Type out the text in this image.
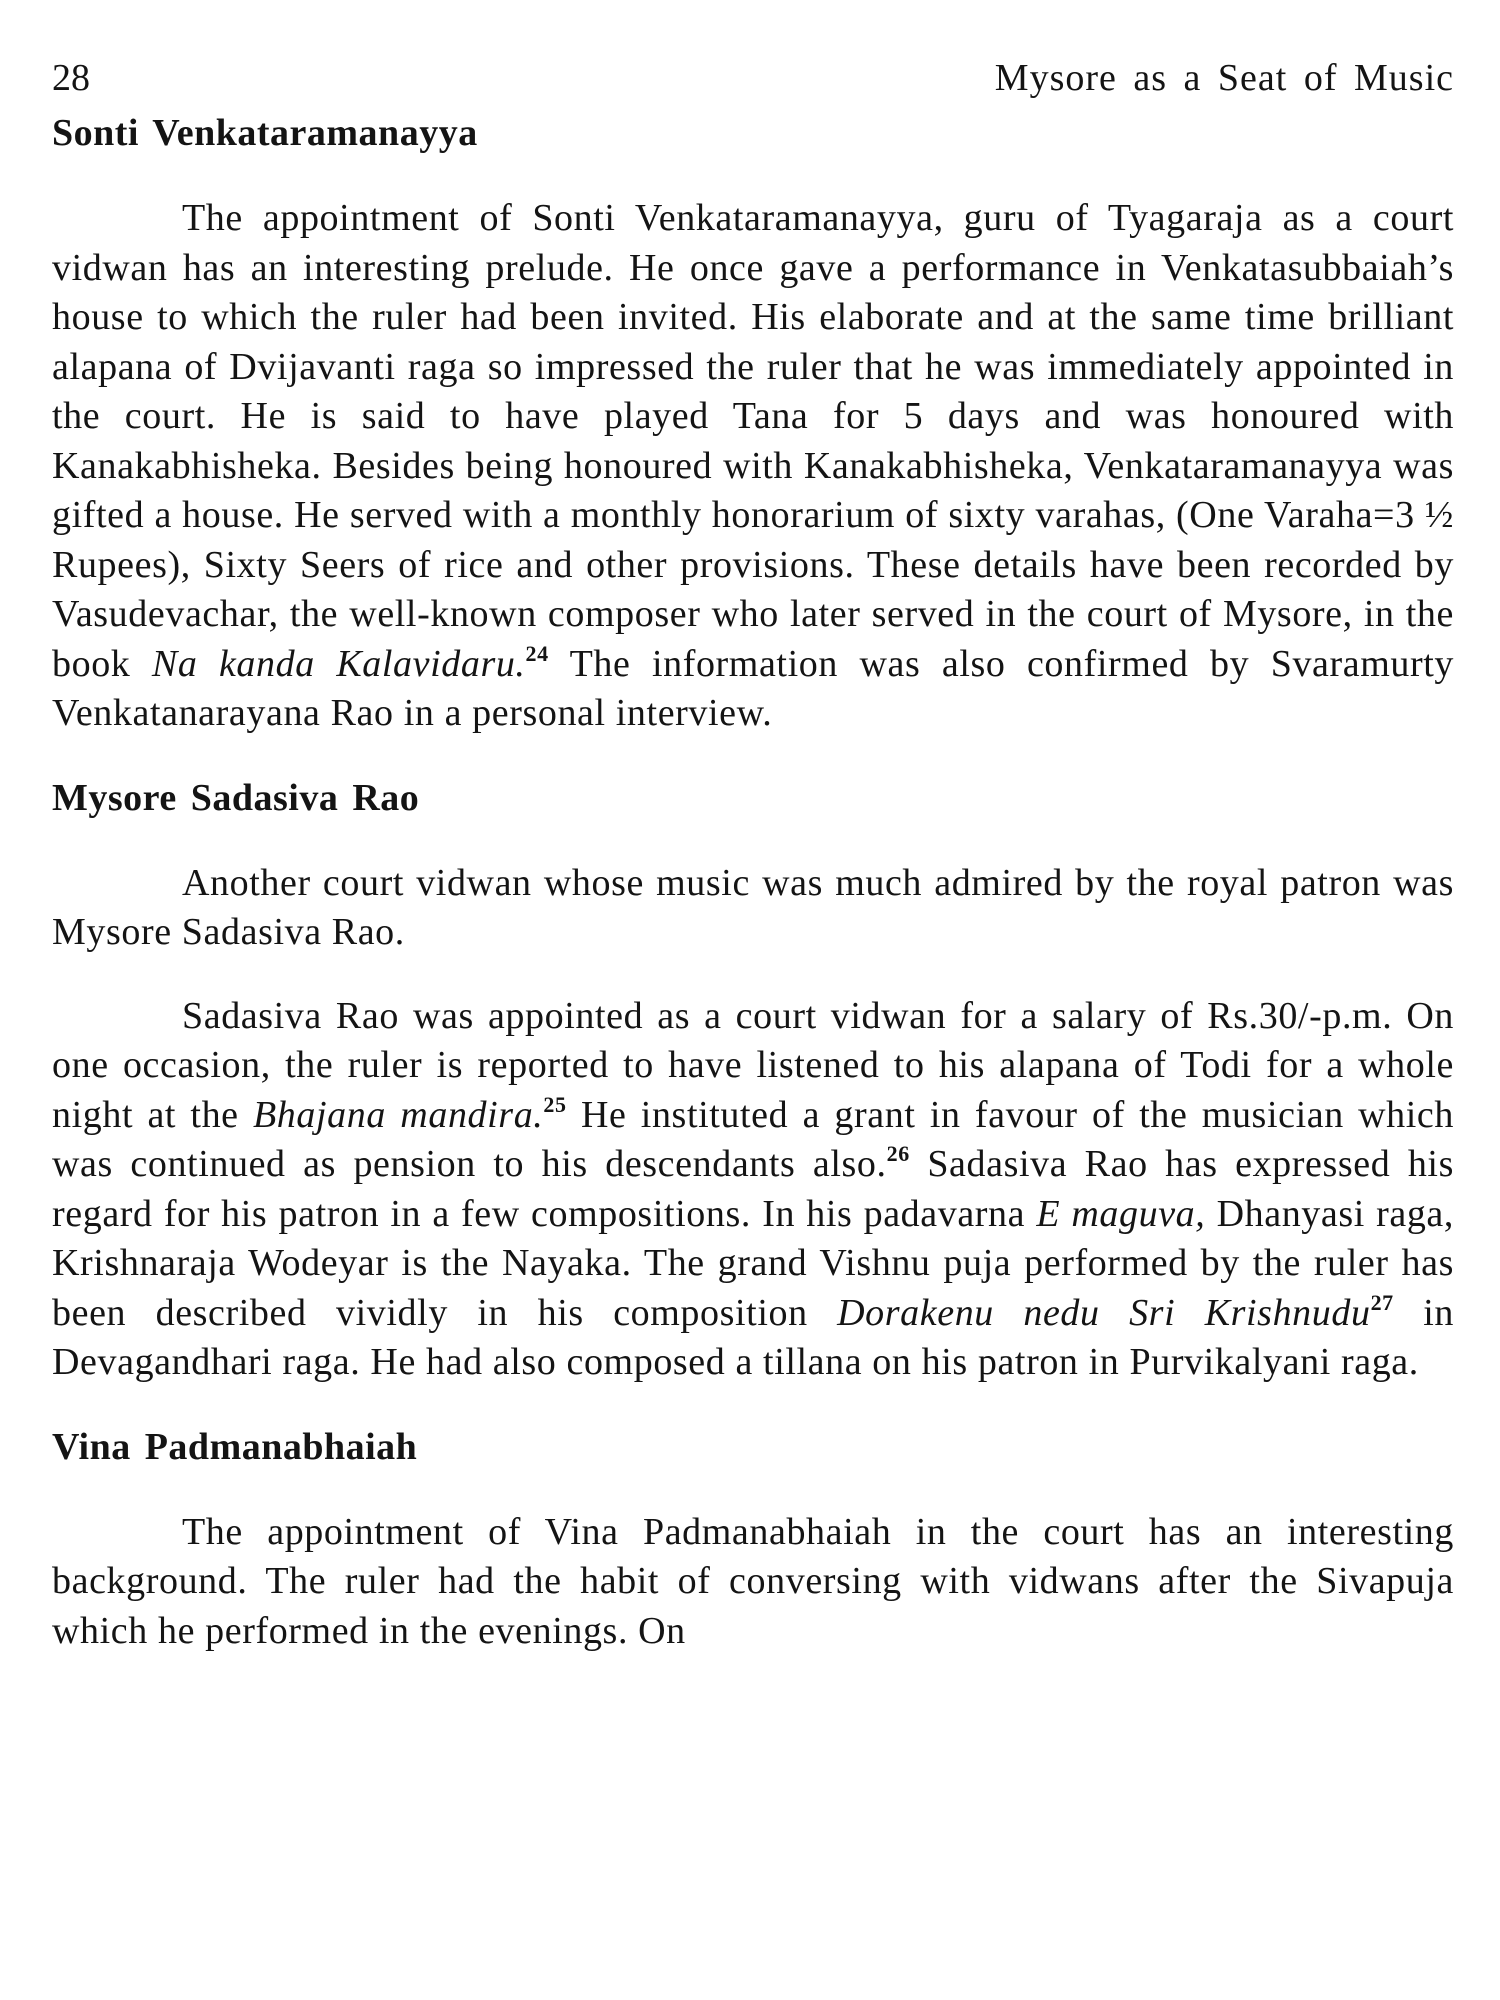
28	Mysore as a Seat of Music
Sonti Venkataramanayya

The appointment of Sonti Venkataramanayya, guru of Tyagaraja as a court vidwan has an interesting prelude. He once gave a performance in Venkatasubbaiah’s house to which the ruler had been invited. His elaborate and at the same time brilliant alapana of Dvijavanti raga so impressed the ruler that he was immediately appointed in the court. He is said to have played Tana for 5 days and was honoured with Kanakabhisheka. Besides being honoured with Kanakabhisheka, Venkataramanayya was gifted a house. He served with a monthly honorarium of sixty varahas, (One Varaha=3 ½ Rupees), Sixty Seers of rice and other provisions. These details have been recorded by Vasudevachar, the well-known composer who later served in the court of Mysore, in the book Na kanda Kalavidaru.$^{24}$ The information was also confirmed by Svaramurty Venkatanarayana Rao in a personal interview.

Mysore Sadasiva Rao

Another court vidwan whose music was much admired by the royal patron was Mysore Sadasiva Rao.

Sadasiva Rao was appointed as a court vidwan for a salary of Rs.30/-p.m. On one occasion, the ruler is reported to have listened to his alapana of Todi for a whole night at the Bhajana mandira.$^{25}$ He instituted a grant in favour of the musician which was continued as pension to his descendants also.$^{26}$ Sadasiva Rao has expressed his regard for his patron in a few compositions. In his padavarna E maguva, Dhanyasi raga, Krishnaraja Wodeyar is the Nayaka. The grand Vishnu puja performed by the ruler has been described vividly in his composition Dorakenu nedu Sri Krishnudu$^{27}$ in Devagandhari raga. He had also composed a tillana on his patron in Purvikalyani raga.

Vina Padmanabhaiah

The appointment of Vina Padmanabhaiah in the court has an interesting background. The ruler had the habit of conversing with vidwans after the Sivapuja which he performed in the evenings. On
